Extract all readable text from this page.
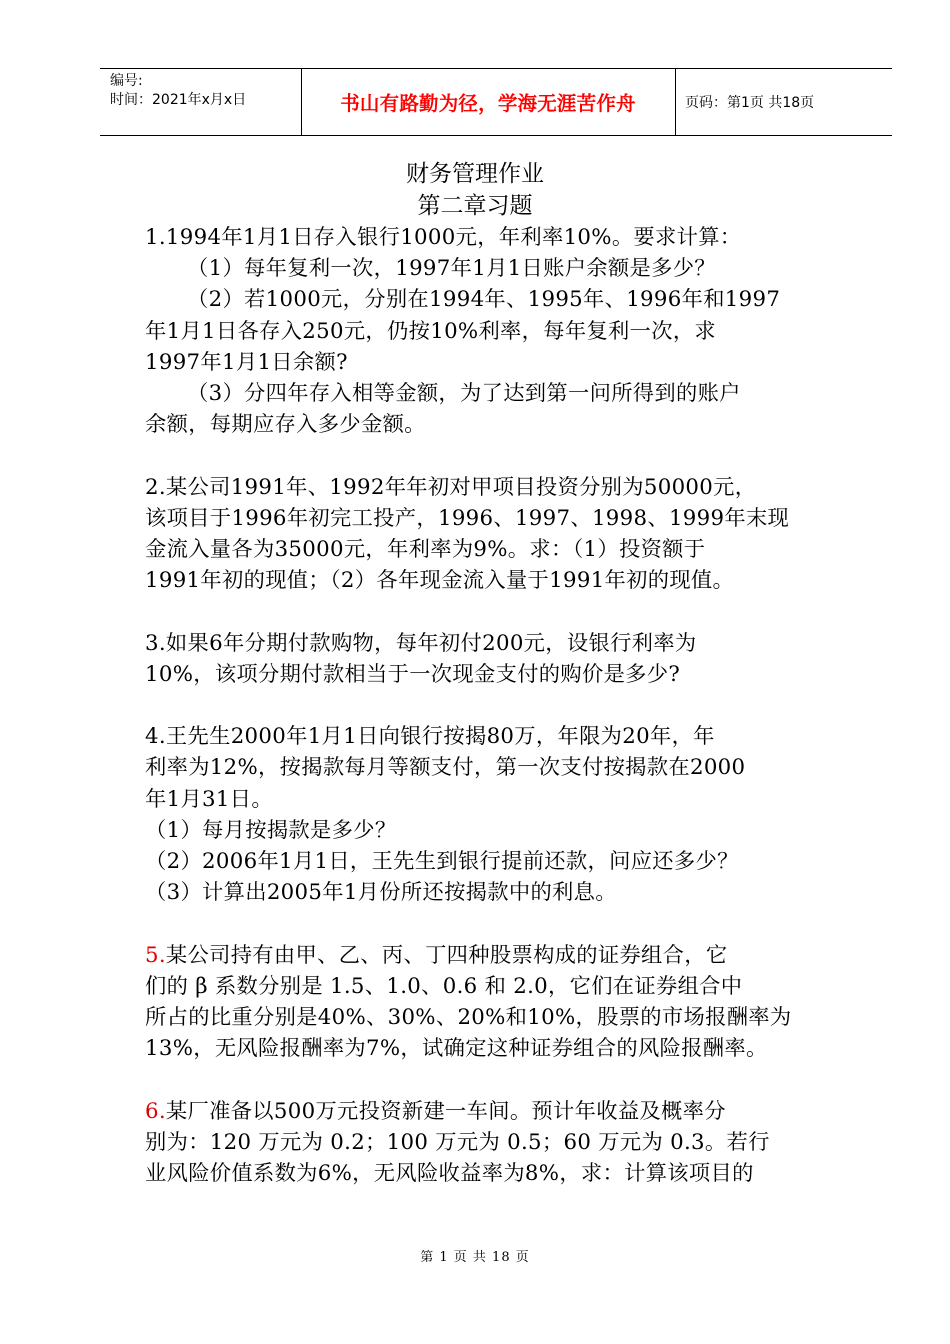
编号:
时间：2021年x月x日	书山有路勤为径，学海无涯苦作舟	页码：第1页 共18页
财务管理作业
第二章习题

1.1994年1月1日存入银行1000元，年利率10%。要求计算：

（1）每年复利一次，1997年1月1日账户余额是多少？

（2）若1000元，分别在1994年、1995年、1996年和1997

年1月1日各存入250元，仍按10%利率，每年复利一次，求

1997年1月1日余额?

（3）分四年存入相等金额，为了达到第一问所得到的账户

余额，每期应存入多少金额。

2.某公司1991年、1992年年初对甲项目投资分别为50000元，

该项目于1996年初完工投产，1996、1997、1998、1999年末现

金流入量各为35000元，年利率为9%。求：（1）投资额于

1991年初的现值；（2）各年现金流入量于1991年初的现值。

3.如果6年分期付款购物，每年初付200元，设银行利率为

10%，该项分期付款相当于一次现金支付的购价是多少?

4.王先生2000年1月1日向银行按揭80万，年限为20年，年

利率为12%，按揭款每月等额支付，第一次支付按揭款在2000

年1月31日。

（1）每月按揭款是多少？

（2）2006年1月1日，王先生到银行提前还款，问应还多少？

（3）计算出2005年1月份所还按揭款中的利息。

5.某公司持有由甲、乙、丙、丁四种股票构成的证券组合，它

们的 β 系数分别是 1.5、1.0、0.6 和 2.0，它们在证券组合中

所占的比重分别是40%、30%、20%和10%，股票的市场报酬率为

13%，无风险报酬率为7%，试确定这种证券组合的风险报酬率。

6.某厂准备以500万元投资新建一车间。预计年收益及概率分

别为：120 万元为 0.2；100 万元为 0.5；60 万元为 0.3。若行

业风险价值系数为6%，无风险收益率为8%，求：计算该项目的

第 1 页 共 18 页
